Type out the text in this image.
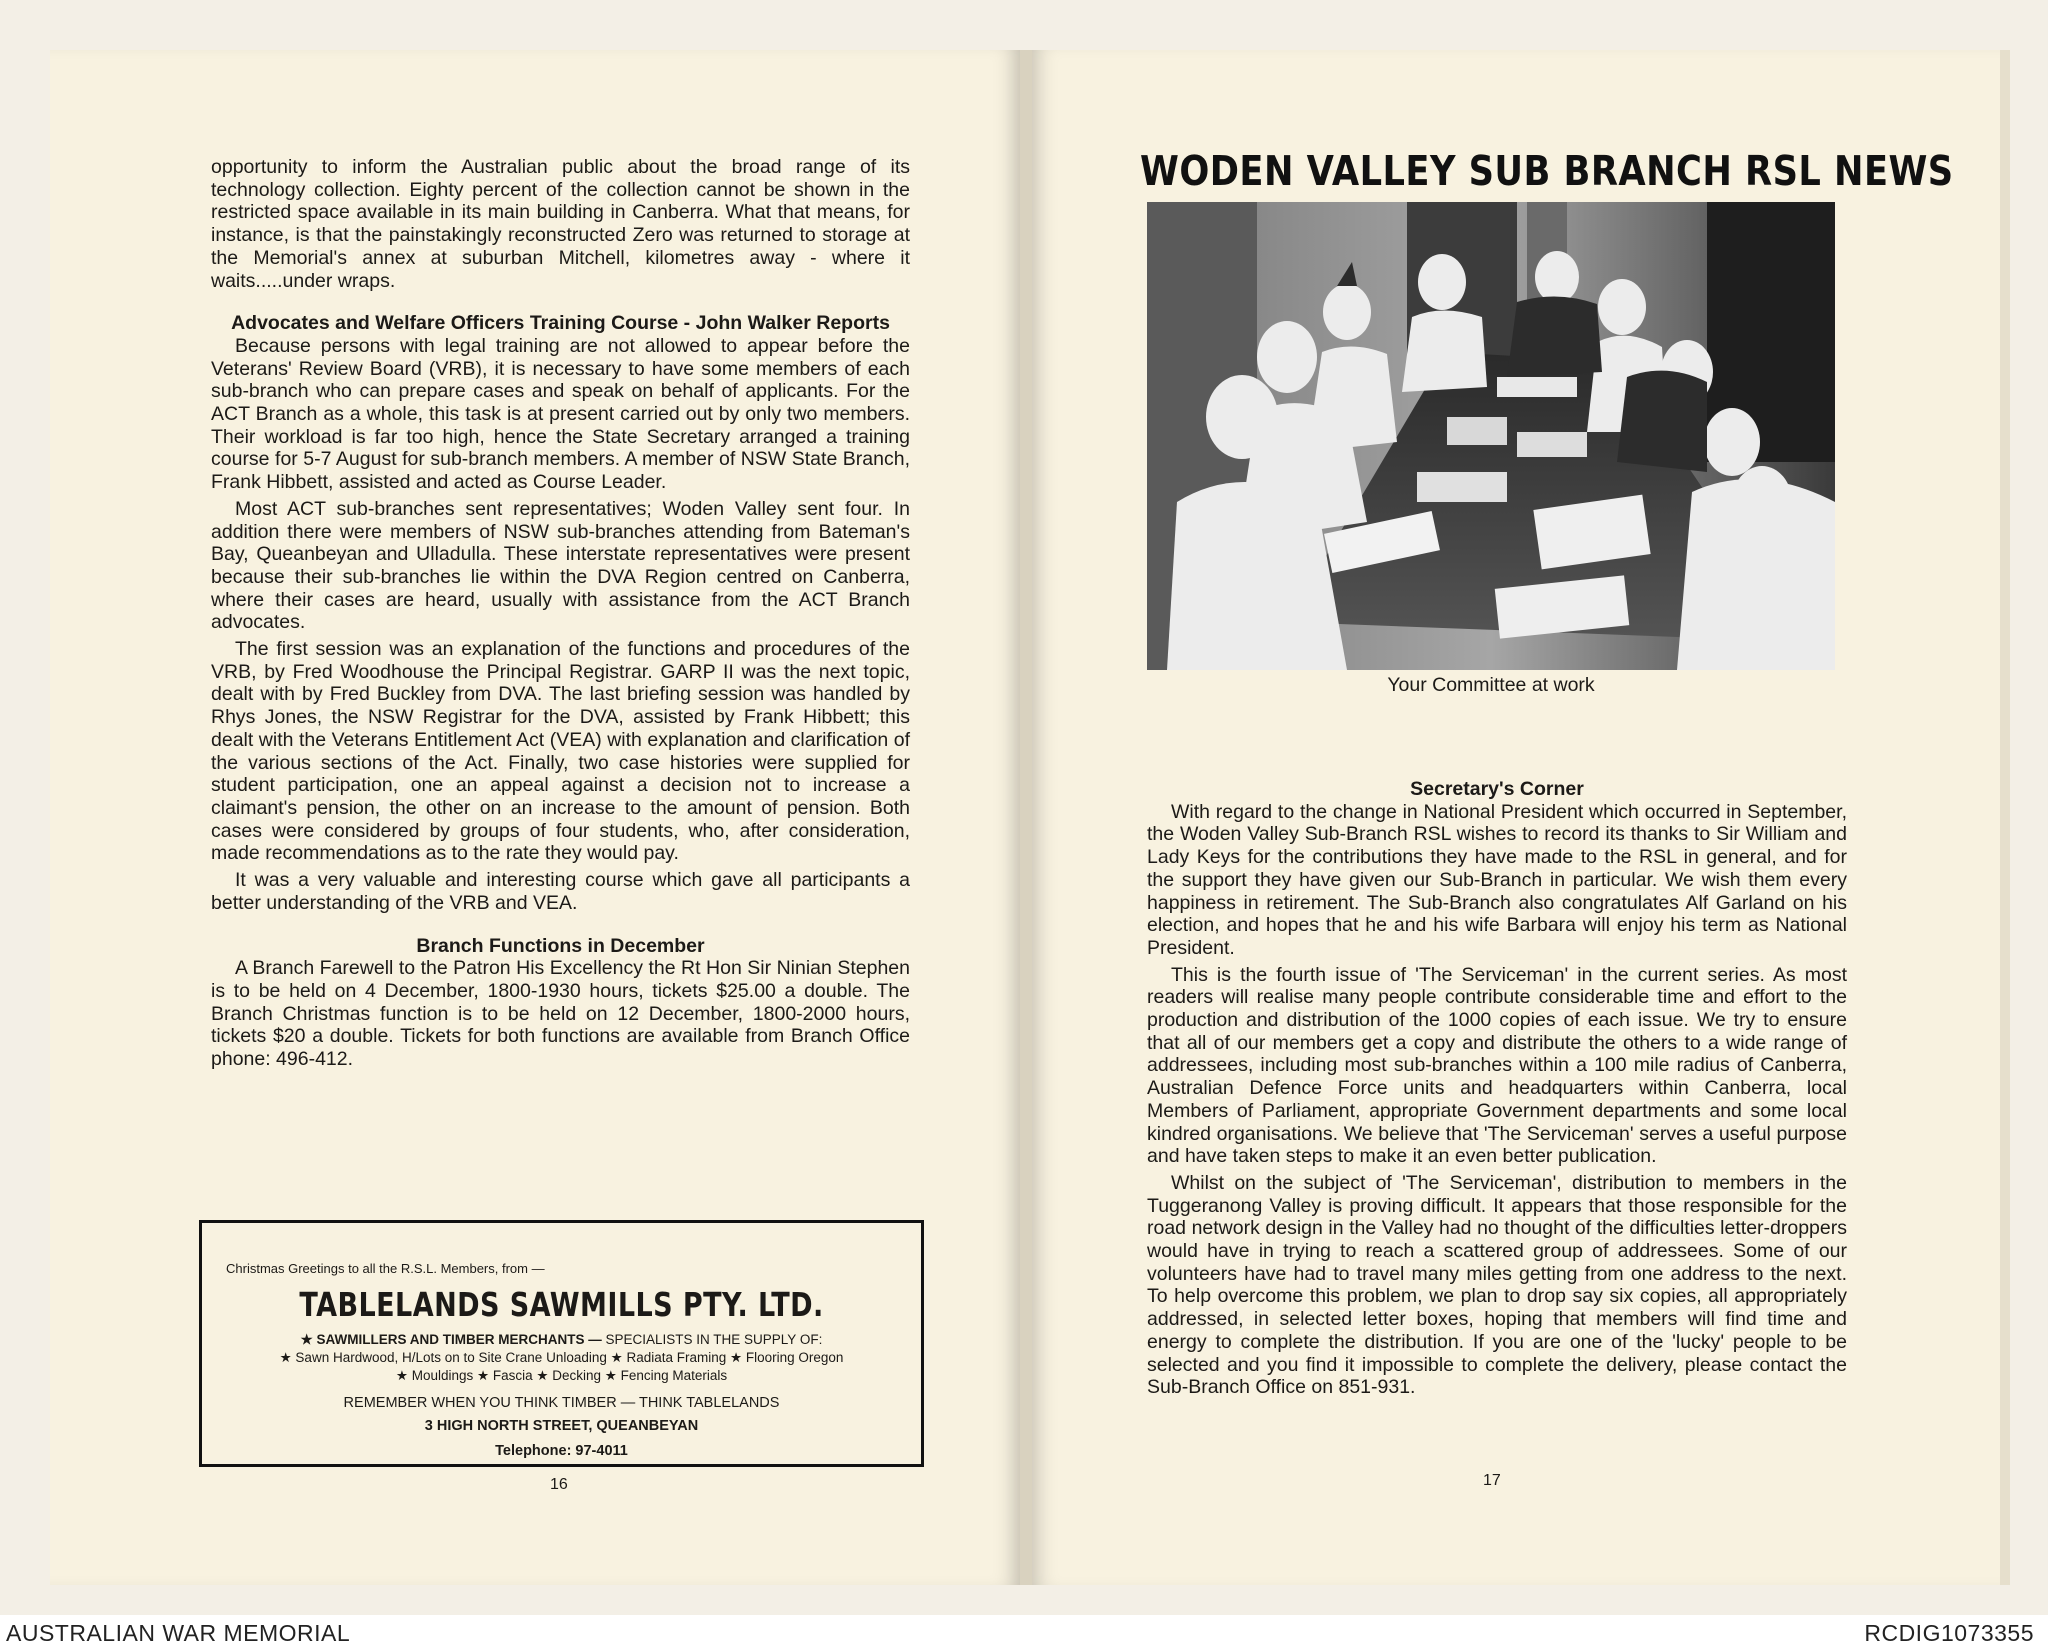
opportunity to inform the Australian public about the broad range of its technology collection. Eighty percent of the collection cannot be shown in the restricted space available in its main building in Canberra. What that means, for instance, is that the painstakingly reconstructed Zero was returned to storage at the Memorial's annex at suburban Mitchell, kilometres away - where it waits.....under wraps.

Advocates and Welfare Officers Training Course - John Walker Reports

Because persons with legal training are not allowed to appear before the Veterans' Review Board (VRB), it is necessary to have some members of each sub-branch who can prepare cases and speak on behalf of applicants. For the ACT Branch as a whole, this task is at present carried out by only two members. Their workload is far too high, hence the State Secretary arranged a training course for 5-7 August for sub-branch members. A member of NSW State Branch, Frank Hibbett, assisted and acted as Course Leader.

Most ACT sub-branches sent representatives; Woden Valley sent four. In addition there were members of NSW sub-branches attending from Bateman's Bay, Queanbeyan and Ulladulla. These interstate representatives were present because their sub-branches lie within the DVA Region centred on Canberra, where their cases are heard, usually with assistance from the ACT Branch advocates.

The first session was an explanation of the functions and procedures of the VRB, by Fred Woodhouse the Principal Registrar. GARP II was the next topic, dealt with by Fred Buckley from DVA. The last briefing session was handled by Rhys Jones, the NSW Registrar for the DVA, assisted by Frank Hibbett; this dealt with the Veterans Entitlement Act (VEA) with explanation and clarification of the various sections of the Act. Finally, two case histories were supplied for student participation, one an appeal against a decision not to increase a claimant's pension, the other on an increase to the amount of pension. Both cases were considered by groups of four students, who, after consideration, made recommendations as to the rate they would pay.

It was a very valuable and interesting course which gave all participants a better understanding of the VRB and VEA.

Branch Functions in December

A Branch Farewell to the Patron His Excellency the Rt Hon Sir Ninian Stephen is to be held on 4 December, 1800-1930 hours, tickets $25.00 a double. The Branch Christmas function is to be held on 12 December, 1800-2000 hours, tickets $20 a double. Tickets for both functions are available from Branch Office phone: 496-412.

Christmas Greetings to all the R.S.L. Members, from —
TABLELANDS SAWMILLS PTY. LTD.
★ SAWMILLERS AND TIMBER MERCHANTS — SPECIALISTS IN THE SUPPLY OF:
★ Sawn Hardwood, H/Lots on to Site Crane Unloading ★ Radiata Framing ★ Flooring Oregon
★ Mouldings ★ Fascia ★ Decking ★ Fencing Materials
REMEMBER WHEN YOU THINK TIMBER — THINK TABLELANDS
3 HIGH NORTH STREET, QUEANBEYAN
Telephone: 97-4011
16
WODEN VALLEY SUB BRANCH RSL NEWS
Your Committee at work
Secretary's Corner

With regard to the change in National President which occurred in September, the Woden Valley Sub-Branch RSL wishes to record its thanks to Sir William and Lady Keys for the contributions they have made to the RSL in general, and for the support they have given our Sub-Branch in particular. We wish them every happiness in retirement. The Sub-Branch also congratulates Alf Garland on his election, and hopes that he and his wife Barbara will enjoy his term as National President.

This is the fourth issue of 'The Serviceman' in the current series. As most readers will realise many people contribute considerable time and effort to the production and distribution of the 1000 copies of each issue. We try to ensure that all of our members get a copy and distribute the others to a wide range of addressees, including most sub-branches within a 100 mile radius of Canberra, Australian Defence Force units and headquarters within Canberra, local Members of Parliament, appropriate Government departments and some local kindred organisations. We believe that 'The Serviceman' serves a useful purpose and have taken steps to make it an even better publication.

Whilst on the subject of 'The Serviceman', distribution to members in the Tuggeranong Valley is proving difficult. It appears that those responsible for the road network design in the Valley had no thought of the difficulties letter-droppers would have in trying to reach a scattered group of addressees. Some of our volunteers have had to travel many miles getting from one address to the next. To help overcome this problem, we plan to drop say six copies, all appropriately addressed, in selected letter boxes, hoping that members will find time and energy to complete the distribution. If you are one of the 'lucky' people to be selected and you find it impossible to complete the delivery, please contact the Sub-Branch Office on 851-931.

17
AUSTRALIAN WAR MEMORIAL	RCDIG1073355
